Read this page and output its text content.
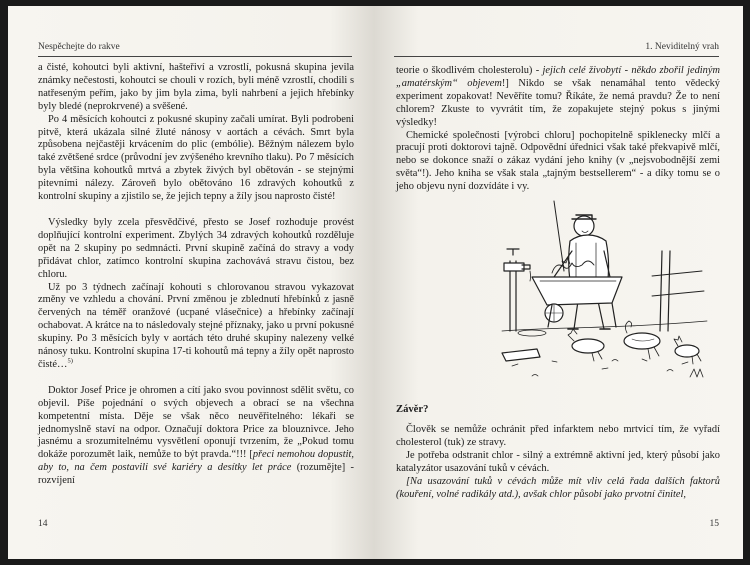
Nespěchejte do rakve

a čisté, kohoutci byli aktivní, hašteřiví a vzrostlí, pokusná skupina jevila známky nečestosti, kohoutci se chouli v rozích, byli méně vzrostlí, chodili s natřeseným peřím, jako by jim byla zima, byli nahrbení a jejich hřebínky byly bledé (neprokrvené) a svěšené.

Po 4 měsících kohoutci z pokusné skupiny začali umírat. Byli podrobeni pitvě, která ukázala silné žluté nánosy v aortách a cévách. Smrt byla způsobena nejčastěji krvácením do plic (embólie). Běžným nálezem bylo také zvětšené srdce (průvodní jev zvýšeného krevního tlaku). Po 7 měsících byla většina kohoutků mrtvá a zbytek živých byl obětován - se stejnými pitevními nálezy. Zároveň bylo obětováno 16 zdravých kohoutků z kontrolní skupiny a zjistilo se, že jejich tepny a žíly jsou naprosto čisté!

Výsledky byly zcela přesvědčivé, přesto se Josef rozhoduje provést doplňující kontrolní experiment. Zbylých 34 zdravých kohoutků rozděluje opět na 2 skupiny po sedmnácti. První skupině začíná do stravy a vody přidávat chlor, zatímco kontrolní skupina zachovává stravu čistou, bez chloru.

Už po 3 týdnech začínají kohouti s chlorovanou stravou vykazovat změny ve vzhledu a chování. První změnou je zblednutí hřebínků z jasně červených na téměř oranžové (ucpané vlásečnice) a hřebínky začínají ochabovat. A krátce na to následovaly stejné příznaky, jako u první pokusné skupiny. Po 3 měsících byly v aortách této druhé skupiny nalezeny velké nánosy tuku. Kontrolní skupina 17-ti kohoutů má tepny a žíly opět naprosto čisté…$^{5)}$

Doktor Josef Price je ohromen a cítí jako svou povinnost sdělit světu, co objevil. Píše pojednání o svých objevech a obrací se na všechna kompetentní místa. Děje se však něco neuvěřitelného: lékaři se jednomyslně staví na odpor. Označují doktora Price za blouznivce. Jeho jasnému a srozumitelnému vysvětlení oponují tvrzením, že „Pokud tomu dokáže porozumět laik, nemůže to být pravda.“!!! [přeci nemohou dopustit, aby to, na čem postavili své kariéry a desítky let práce (rozumějte] - rozvíjení

14
1. Neviditelný vrah

teorie o škodlivém cholesterolu) - jejich celé živobytí - někdo zbořil jediným „amatérským“ objevem!] Nikdo se však nenamáhal tento vědecký experiment zopakovat! Nevěříte tomu? Říkáte, že nemá pravdu? Že to není chlorem? Zkuste to vyvrátit tím, že zopakujete stejný pokus s jinými výsledky!

Chemické společnosti [výrobci chloru] pochopitelně spiklenecky mlčí a pracují proti doktorovi tajně. Odpovědní úřednici však také překvapivě mlčí, nebo se dokonce snaží o zákaz vydání jeho knihy (v „nejsvobodnější zemi světa“!). Jeho kniha se však stala „tajným bestsellerem“ - a díky tomu se o jeho objevu nyní dozvídáte i vy.

Závěr?

Člověk se nemůže ochránit před infarktem nebo mrtvicí tím, že vyřadí cholesterol (tuk) ze stravy.

Je potřeba odstranit chlor - silný a extrémně aktivní jed, který působí jako katalyzátor usazování tuků v cévách.

[Na usazování tuků v cévách může mít vliv celá řada dalších faktorů (kouření, volné radikály atd.), avšak chlor působí jako prvotní činitel,

15
